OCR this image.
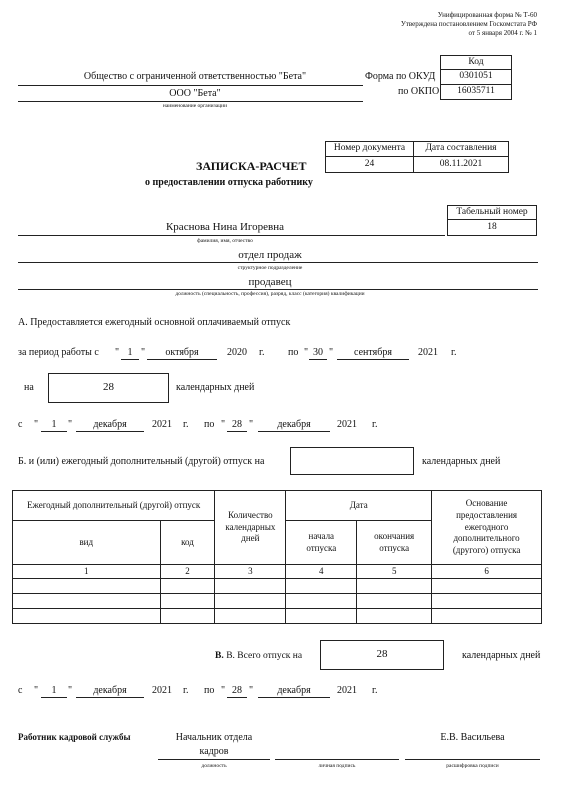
Унифицированная форма № Т-60
Утверждена постановлением Госкомстата РФ
от 5 января 2004 г. № 1
Код
0301051
16035711
Форма по ОКУД
по ОКПО
Общество с ограниченной ответственностью "Бета"
ООО "Бета"
наименование организации
Номер документа	Дата составления
24	08.11.2021
ЗАПИСКА-РАСЧЕТ
о предоставлении отпуска работнику
Табельный номер
18
Краснова Нина Игоревна
фамилия, имя, отчество
отдел продаж
структурное подразделение
продавец
должность (специальность, профессия), разряд, класс (категория) квалификации
А. Предоставляется ежегодный основной оплачиваемый отпуск
за период работы с " 1 "	октября	2020	г. по " 30 "	сентября	2021	г.
на	28	календарных дней
с "	1	"	декабря	2021	г. по " 28 "	декабря	2021	г.
Б. и (или) ежегодный дополнительный (другой) отпуск на	календарных дней
Ежегодный дополнительный (другой) отпуск		Количество календарных дней	Дата		Основание предоставления ежегодного дополнительного (другого) отпуска
вид	код		начала отпуска	окончания отпуска	
1	2	3	4	5	6

В. В. Всего отпуск на	28	календарных дней
с "	1	"	декабря	2021	г. по " 28 "	декабря	2021	г.
Работник кадровой службы	Начальник отдела
кадров
Е.В. Васильева
должность	личная подпись	расшифровка подписи
